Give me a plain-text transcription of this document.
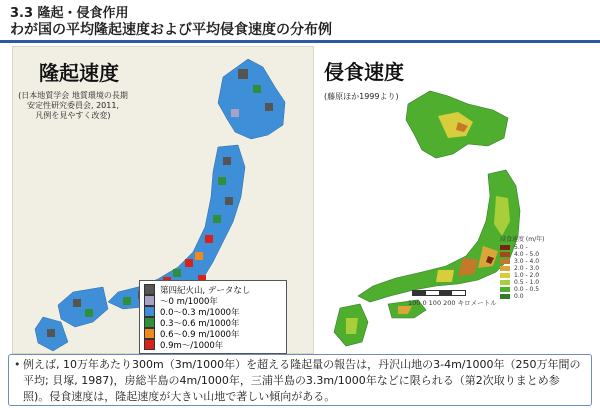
3.3 隆起・侵食作用
わが国の平均隆起速度および平均侵食速度の分布例
隆起速度
(日本地質学会 地質環境の長期
安定性研究委員会, 2011,
凡例を見やすく改変)
第四紀火山, データなし
〜0 m/1000年
0.0〜0.3 m/1000年
0.3〜0.6 m/1000年
0.6〜0.9 m/1000年
0.9m〜/1000年
侵食速度
(藤原ほか1999より)
浸食速度 (m/年)
5.0 -
4.0 - 5.0
3.0 - 4.0
2.0 - 3.0
1.0 - 2.0
0.5 - 1.0
0.0 - 0.5
0.0
100 0 100 200 キロメートル
• 例えば, 10万年あたり300m（3m/1000年）を超える隆起量の報告は，丹沢山地の3-4m/1000年（250万年間の平均; 貝塚, 1987)，房総半島の4m/1000年，三浦半島の3.3m/1000年などに限られる（第2次取りまとめ参照)。侵食速度は，隆起速度が大きい山地で著しい傾向がある。
